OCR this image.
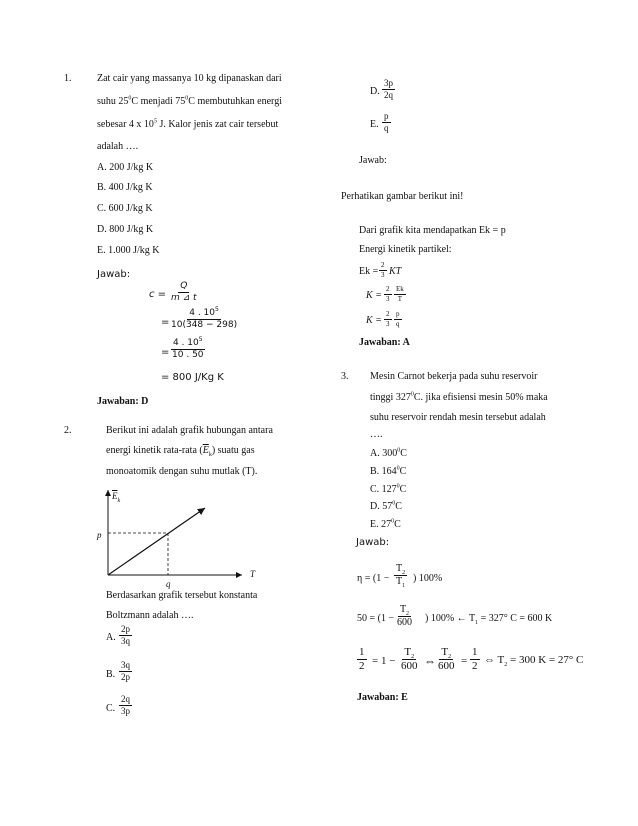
1.	Zat cair yang massanya 10 kg dipanaskan dari
suhu $25^0C$ menjadi $75^0C$ membutuhkan energi
sebesar 4 x $10^5$ J. Kalor jenis zat cair tersebut
adalah ….
A. 200 J/kg K
B. 400 J/kg K
C. 600 J/kg K
D. 800 J/kg K
E. 1.000 J/kg K
Jawab:
$c = \frac{Q}{m ⊿ t}$
= $\frac{4 . 10^5}{10(348 - 298)}$
= $\frac{4 . 10^5}{10 . 50}$
= 800 J/Kg K
Jawaban: D
2.	Berikut ini adalah grafik hubungan antara
energi kinetik rata-rata $(\overline{E}_k)$ suatu gas
monoatomik dengan suhu mutlak (T).
$\overline{E}_k$
p
T
q
Berdasarkan grafik tersebut konstanta
Boltzmann adalah ….
A. $\frac{2p}{3q}$
B. $\frac{3q}{2p}$
C. $\frac{2q}{3p}$
D. $\frac{3p}{2q}$
E. $\frac{p}{q}$
Jawab:
Perhatikan gambar berikut ini!
Dari grafik kita mendapatkan Ek = p
Energi kinetik partikel:
$Ek = \frac{2}{3}$ KT
$K = \frac{2}{3} \frac{Ek}{T}$
$K = \frac{2}{3} \frac{p}{q}$
Jawaban: A
3. Mesin Carnot bekerja pada suhu reservoir
tinggi $327^0C$. jika efisiensi mesin 50% maka
suhu reservoir rendah mesin tersebut adalah
….
A. $300^0C$
B. $164^0C$
C. $127^0C$
D. $57^0C$
E. $27^0C$
Jawab:
$\eta = (1 - \frac{T_2}{T_1}$ ) 100%
$50 = (1 - \frac{T_2}{600}$ ) 100% ← $T_1 = 327^\circ$ C = 600 K
$\frac{1}{2} = 1 - \frac{T_2}{600}$ ⇔ $\frac{T_2}{600} = \frac{1}{2}$ ⇔ $T_2 = 300$ K = 27° C
Jawaban: E
